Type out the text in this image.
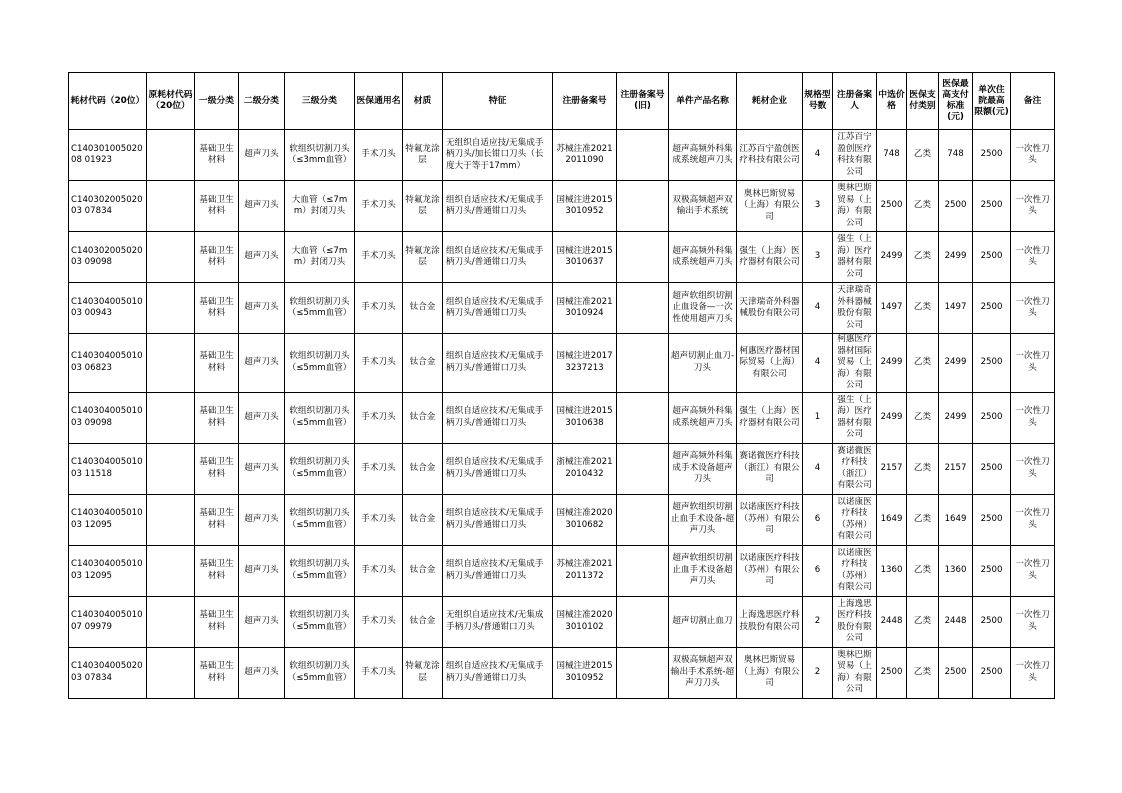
耗材代码（20位）	原耗材代码（20位）	一级分类	二级分类	三级分类	医保通用名	材质	特征	注册备案号	注册备案号(旧)	单件产品名称	耗材企业	规格型号数	注册备案人	中选价格	医保支付类别	医保最高支付标准(元)	单次住院最高限额(元)	备注
C14030100502008 01923		基础卫生材料	超声刀头	软组织切割刀头（≤3mm血管）	手术刀头	特氟龙涂层	无组织自适应技/无集成手柄刀头/加长钳口刀头（长度大于等于17mm）	苏械注准20212011090		超声高频外科集成系统超声刀头	江苏百宁盈创医疗科技有限公司	4	江苏百宁盈创医疗科技有限公司	748	乙类	748	2500	一次性刀头
C14030200502003 07834		基础卫生材料	超声刀头	大血管（≤7mm）封闭刀头	手术刀头	特氟龙涂层	组织自适应技术/无集成手柄刀头/普通钳口刀头	国械注进20153010952		双极高频超声双输出手术系统	奥林巴斯贸易（上海）有限公司	3	奥林巴斯贸易（上海）有限公司	2500	乙类	2500	2500	一次性刀头
C14030200502003 09098		基础卫生材料	超声刀头	大血管（≤7mm）封闭刀头	手术刀头	特氟龙涂层	组织自适应技术/无集成手柄刀头/普通钳口刀头	国械注进20153010637		超声高频外科集成系统超声刀头	强生（上海）医疗器材有限公司	3	强生（上海）医疗器材有限公司	2499	乙类	2499	2500	一次性刀头
C14030400501003 00943		基础卫生材料	超声刀头	软组织切割刀头（≤5mm血管）	手术刀头	钛合金	组织自适应技术/无集成手柄刀头/普通钳口刀头	国械注准20213010924		超声软组织切割止血设备—一次性使用超声刀头	天津瑞奇外科器械股份有限公司	4	天津瑞奇外科器械股份有限公司	1497	乙类	1497	2500	一次性刀头
C14030400501003 06823		基础卫生材料	超声刀头	软组织切割刀头（≤5mm血管）	手术刀头	钛合金	组织自适应技术/无集成手柄刀头/普通钳口刀头	国械注进20173237213		超声切割止血刀-刀头	柯惠医疗器材国际贸易（上海）有限公司	4	柯惠医疗器材国际贸易（上海）有限公司	2499	乙类	2499	2500	一次性刀头
C14030400501003 09098		基础卫生材料	超声刀头	软组织切割刀头（≤5mm血管）	手术刀头	钛合金	组织自适应技术/无集成手柄刀头/普通钳口刀头	国械注进20153010638		超声高频外科集成系统超声刀头	强生（上海）医疗器材有限公司	1	强生（上海）医疗器材有限公司	2499	乙类	2499	2500	一次性刀头
C14030400501003 11518		基础卫生材料	超声刀头	软组织切割刀头（≤5mm血管）	手术刀头	钛合金	组织自适应技术/无集成手柄刀头/普通钳口刀头	浙械注准20212010432		超声高频外科集成手术设备超声刀头	赛诺微医疗科技（浙江）有限公司	4	赛诺微医疗科技（浙江）有限公司	2157	乙类	2157	2500	一次性刀头
C14030400501003 12095		基础卫生材料	超声刀头	软组织切割刀头（≤5mm血管）	手术刀头	钛合金	组织自适应技术/无集成手柄刀头/普通钳口刀头	国械注准20203010682		超声软组织切割止血手术设备-超声刀头	以诺康医疗科技（苏州）有限公司	6	以诺康医疗科技（苏州）有限公司	1649	乙类	1649	2500	一次性刀头
C14030400501003 12095		基础卫生材料	超声刀头	软组织切割刀头（≤5mm血管）	手术刀头	钛合金	组织自适应技术/无集成手柄刀头/普通钳口刀头	苏械注准20212011372		超声软组织切割止血手术设备超声刀头	以诺康医疗科技（苏州）有限公司	6	以诺康医疗科技（苏州）有限公司	1360	乙类	1360	2500	一次性刀头
C14030400501007 09979		基础卫生材料	超声刀头	软组织切割刀头（≤5mm血管）	手术刀头	钛合金	无组织自适应技术/无集成手柄刀头/普通钳口刀头	国械注准20203010102		超声切割止血刀	上海逸思医疗科技股份有限公司	2	上海逸思医疗科技股份有限公司	2448	乙类	2448	2500	一次性刀头
C14030400502003 07834		基础卫生材料	超声刀头	软组织切割刀头（≤5mm血管）	手术刀头	特氟龙涂层	组织自适应技术/无集成手柄刀头/普通钳口刀头	国械注进20153010952		双极高频超声双输出手术系统-超声刀刀头	奥林巴斯贸易（上海）有限公司	2	奥林巴斯贸易（上海）有限公司	2500	乙类	2500	2500	一次性刀头
